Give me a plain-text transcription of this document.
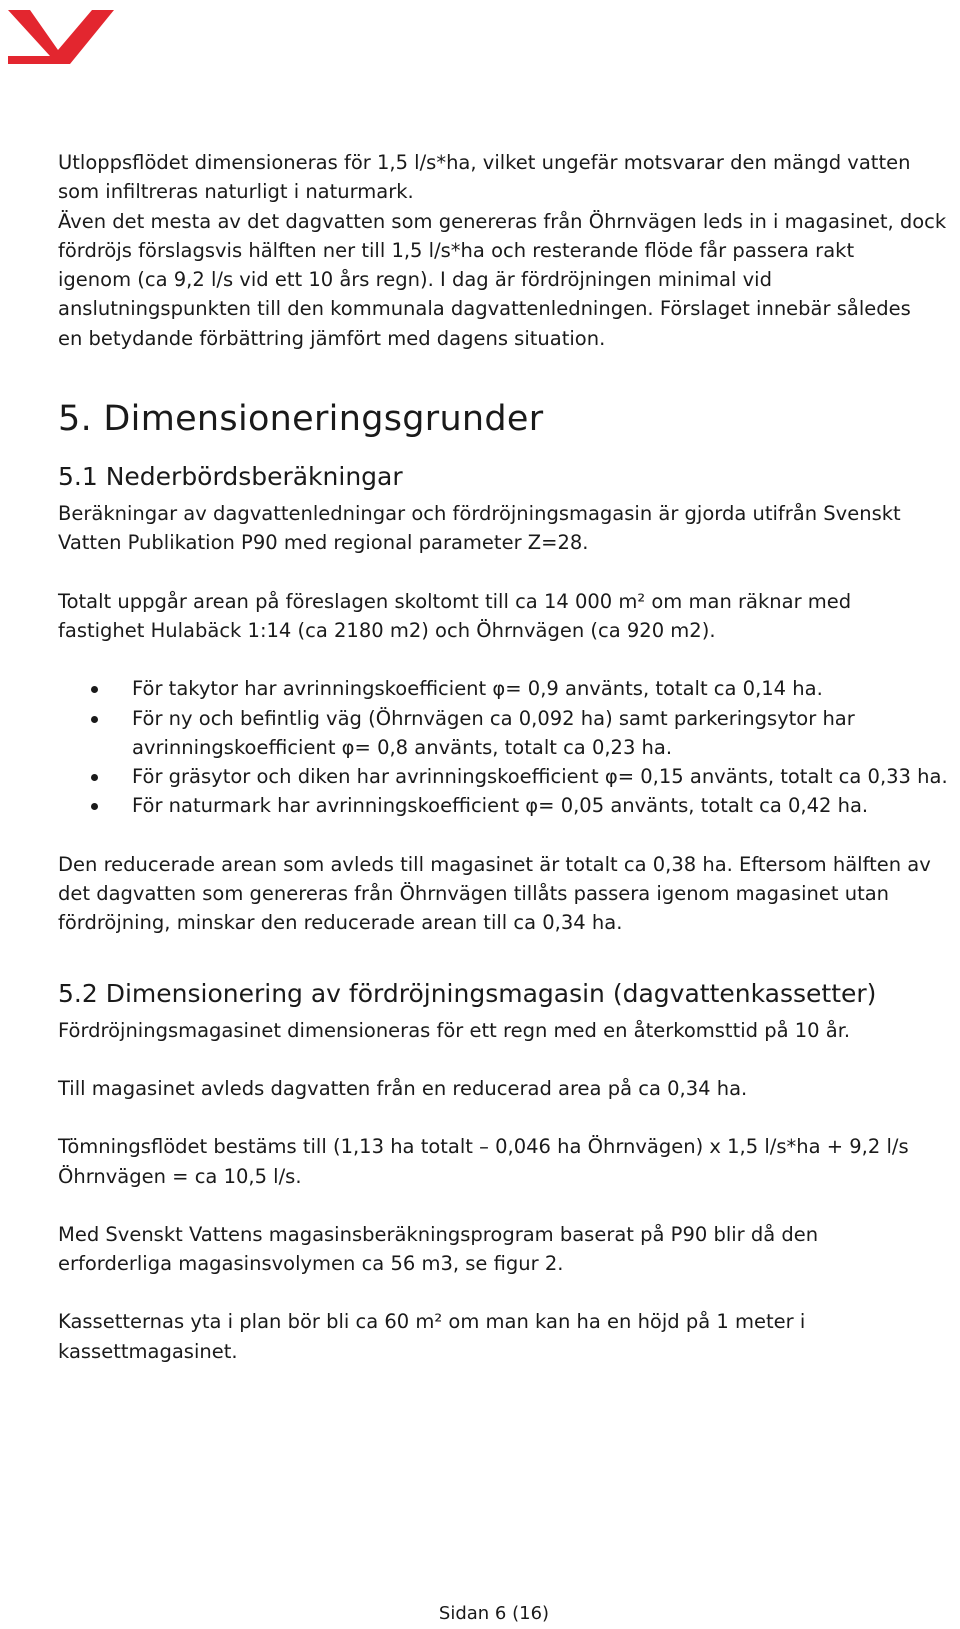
Utloppsflödet dimensioneras för 1,5 l/s*ha, vilket ungefär motsvarar den mängd vatten

som infiltreras naturligt i naturmark.

Även det mesta av det dagvatten som genereras från Öhrnvägen leds in i magasinet, dock

fördröjs förslagsvis hälften ner till 1,5 l/s*ha och resterande flöde får passera rakt

igenom (ca 9,2 l/s vid ett 10 års regn). I dag är fördröjningen minimal vid

anslutningspunkten till den kommunala dagvattenledningen. Förslaget innebär således

en betydande förbättring jämfört med dagens situation.

5. Dimensioneringsgrunder
5.1 Nederbördsberäkningar

Beräkningar av dagvattenledningar och fördröjningsmagasin är gjorda utifrån Svenskt

Vatten Publikation P90 med regional parameter Z=28.

Totalt uppgår arean på föreslagen skoltomt till ca 14 000 m² om man räknar med

fastighet Hulabäck 1:14 (ca 2180 m2) och Öhrnvägen (ca 920 m2).

För takytor har avrinningskoefficient φ= 0,9 använts, totalt ca 0,14 ha.
För ny och befintlig väg (Öhrnvägen ca 0,092 ha) samt parkeringsytor har
avrinningskoefficient φ= 0,8 använts, totalt ca 0,23 ha.
För gräsytor och diken har avrinningskoefficient φ= 0,15 använts, totalt ca 0,33 ha.
För naturmark har avrinningskoefficient φ= 0,05 använts, totalt ca 0,42 ha.

Den reducerade arean som avleds till magasinet är totalt ca 0,38 ha. Eftersom hälften av

det dagvatten som genereras från Öhrnvägen tillåts passera igenom magasinet utan

fördröjning, minskar den reducerade arean till ca 0,34 ha.

5.2 Dimensionering av fördröjningsmagasin (dagvattenkassetter)

Fördröjningsmagasinet dimensioneras för ett regn med en återkomsttid på 10 år.

Till magasinet avleds dagvatten från en reducerad area på ca 0,34 ha.

Tömningsflödet bestäms till (1,13 ha totalt – 0,046 ha Öhrnvägen) x 1,5 l/s*ha + 9,2 l/s

Öhrnvägen = ca 10,5 l/s.

Med Svenskt Vattens magasinsberäkningsprogram baserat på P90 blir då den

erforderliga magasinsvolymen ca 56 m3, se figur 2.

Kassetternas yta i plan bör bli ca 60 m² om man kan ha en höjd på 1 meter i

kassettmagasinet.

Sidan 6 (16)
